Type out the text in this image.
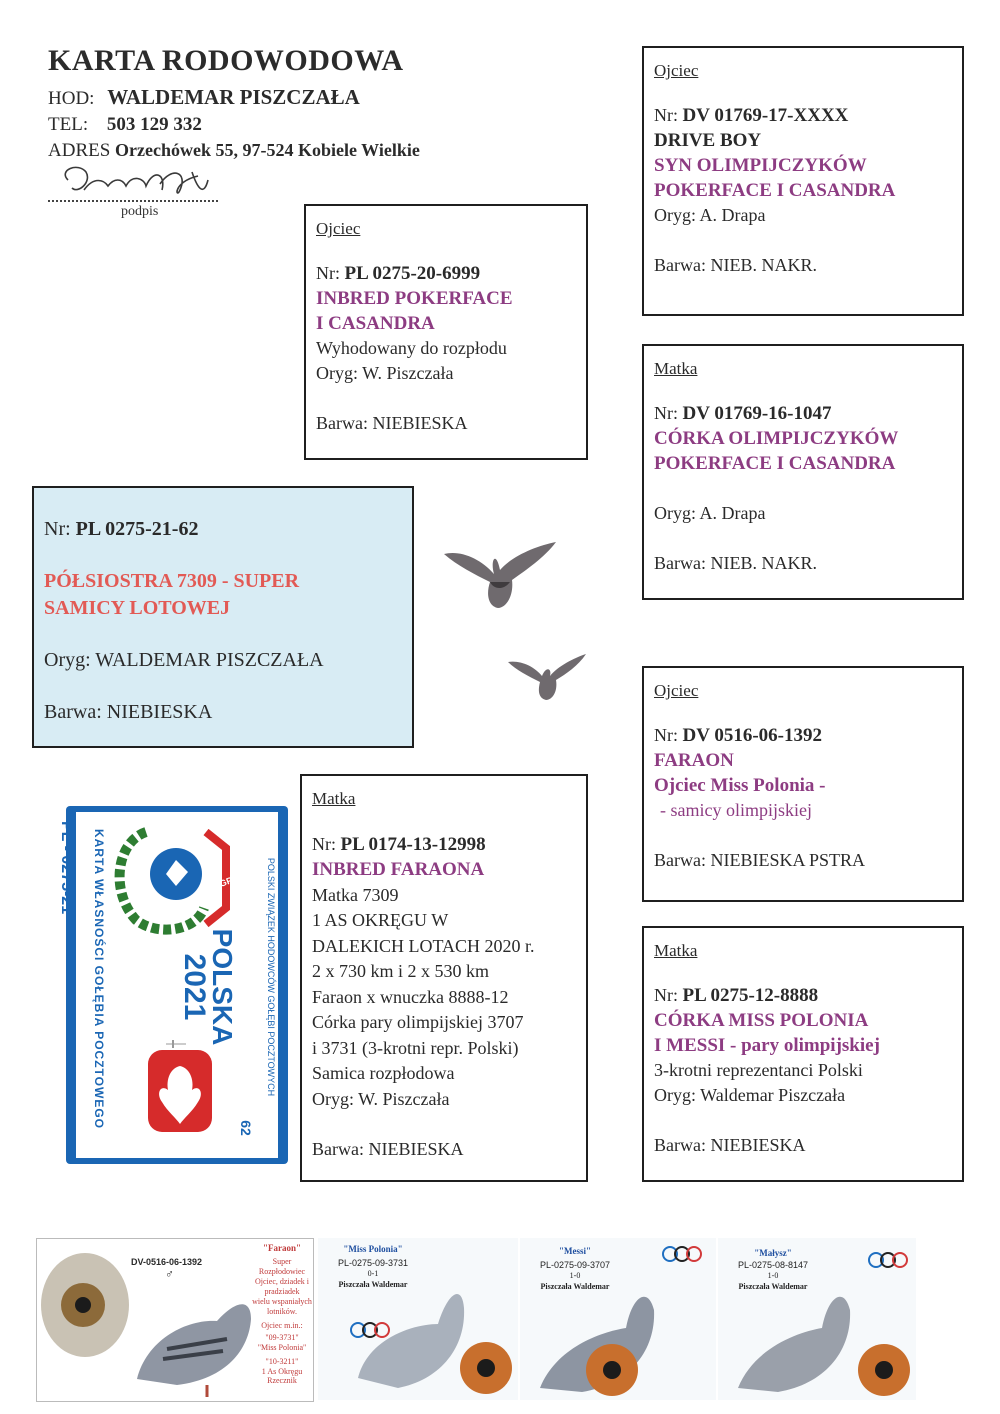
KARTA RODOWODOWA
HOD: WALDEMAR PISZCZAŁA
TEL: 503 129 332
ADRES Orzechówek 55, 97-524 Kobiele Wielkie
podpis
Ojciec
Nr: PL 0275-20-6999
INBRED POKERFACE
I CASANDRA
Wyhodowany do rozpłodu
Oryg: W. Piszczała
Barwa: NIEBIESKA
Nr: PL 0275-21-62
PÓŁSIOSTRA 7309 - SUPER
SAMICY LOTOWEJ
Oryg: WALDEMAR PISZCZAŁA
Barwa: NIEBIESKA
KARTA WŁASNOŚCI GOŁĘBIA POCZTOWEGO	POLSKI ZWIĄZEK HODOWCÓW GOŁĘBI POCZTOWYCH
PL - 0275-21
POLSKA
2021
62
PZHGP
Matka
Nr: PL 0174-13-12998
INBRED FARAONA
Matka 7309
1 AS OKRĘGU W
DALEKICH LOTACH 2020 r.
2 x 730 km i 2 x 530 km
Faraon x wnuczka 8888-12
Córka pary olimpijskiej 3707
i 3731 (3-krotni repr. Polski)
Samica rozpłodowa
Oryg: W. Piszczała
Barwa: NIEBIESKA
Ojciec
Nr: DV 01769-17-XXXX
DRIVE BOY
SYN OLIMPIJCZYKÓW
POKERFACE I CASANDRA
Oryg: A. Drapa
Barwa: NIEB. NAKR.
Matka
Nr: DV 01769-16-1047
CÓRKA OLIMPIJCZYKÓW
POKERFACE I CASANDRA
Oryg: A. Drapa
Barwa: NIEB. NAKR.
Ojciec
Nr: DV 0516-06-1392
FARAON
Ojciec Miss Polonia -
- samicy olimpijskiej
Barwa: NIEBIESKA PSTRA
Matka
Nr: PL 0275-12-8888
CÓRKA MISS POLONIA
I MESSI - pary olimpijskiej
3-krotni reprezentanci Polski
Oryg: Waldemar Piszczała
Barwa: NIEBIESKA
DV-0516-06-1392
♂
"Faraon"
Super
Rozpłodowiec
Ojciec, dziadek i
pradziadek
wielu wspaniałych
lotników.
Ojciec m.in.:
"09-3731"
"Miss Polonia"
"10-3211"
1 As Okręgu Rzecznik
"Miss Polonia"
PL-0275-09-3731
0-1
Piszczała Waldemar
"Messi"
PL-0275-09-3707
1-0
Piszczała Waldemar
"Małysz"
PL-0275-08-8147
1-0
Piszczała Waldemar
